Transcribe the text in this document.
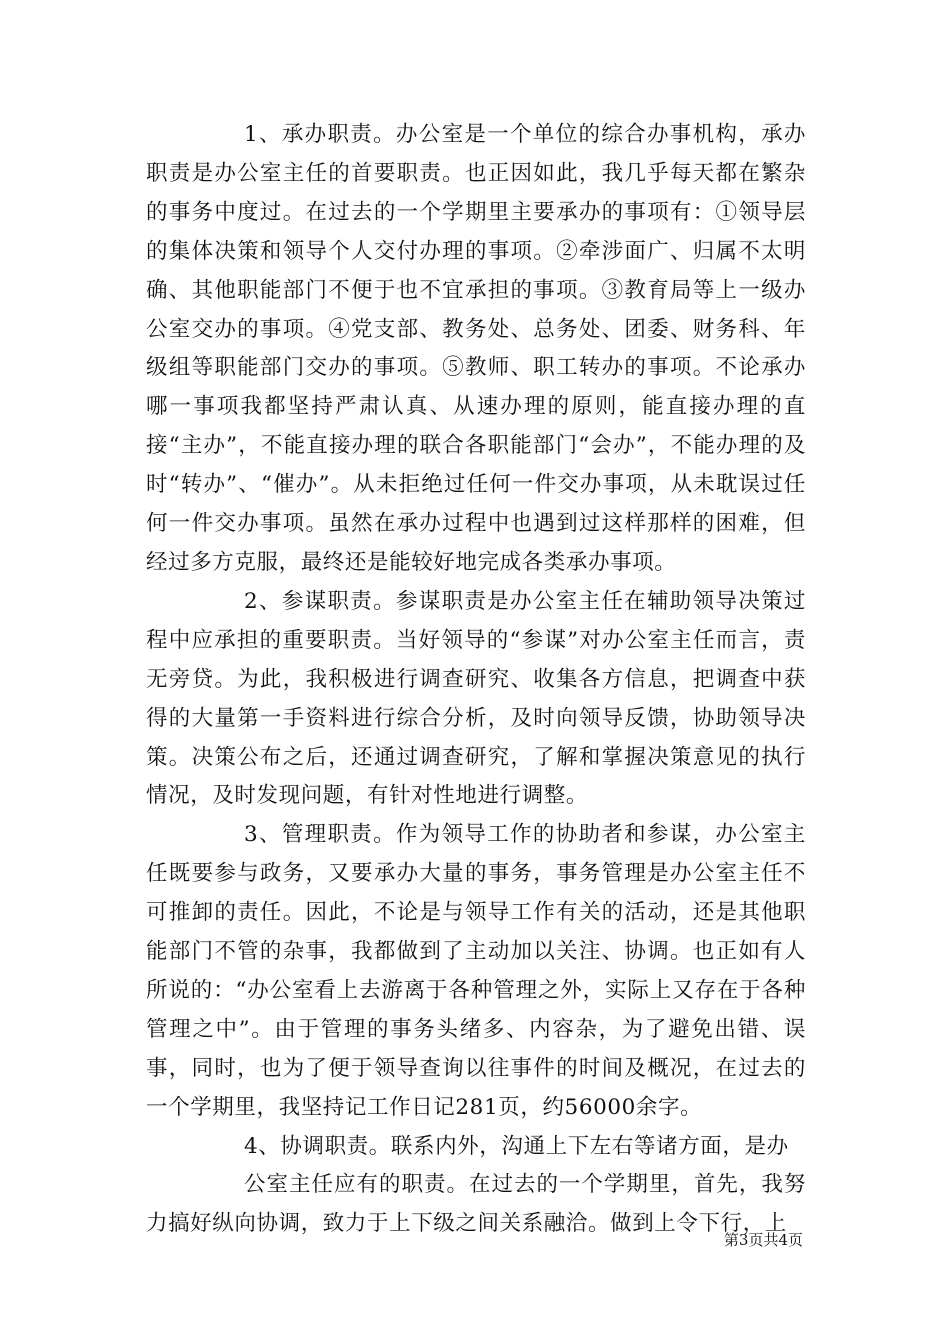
1、承办职责。办公室是一个单位的综合办事机构，承办职责是办公室主任的首要职责。也正因如此，我几乎每天都在繁杂的事务中度过。在过去的一个学期里主要承办的事项有：①领导层的集体决策和领导个人交付办理的事项。②牵涉面广、归属不太明确、其他职能部门不便于也不宜承担的事项。③教育局等上一级办公室交办的事项。④党支部、教务处、总务处、团委、财务科、年级组等职能部门交办的事项。⑤教师、职工转办的事项。不论承办哪一事项我都坚持严肃认真、从速办理的原则，能直接办理的直接“主办”，不能直接办理的联合各职能部门“会办”，不能办理的及时“转办”、“催办”。从未拒绝过任何一件交办事项，从未耽误过任何一件交办事项。虽然在承办过程中也遇到过这样那样的困难，但经过多方克服，最终还是能较好地完成各类承办事项。

2、参谋职责。参谋职责是办公室主任在辅助领导决策过程中应承担的重要职责。当好领导的“参谋”对办公室主任而言，责无旁贷。为此，我积极进行调查研究、收集各方信息，把调查中获得的大量第一手资料进行综合分析，及时向领导反馈，协助领导决策。决策公布之后，还通过调查研究，了解和掌握决策意见的执行情况，及时发现问题，有针对性地进行调整。

3、管理职责。作为领导工作的协助者和参谋，办公室主任既要参与政务，又要承办大量的事务，事务管理是办公室主任不可推卸的责任。因此，不论是与领导工作有关的活动，还是其他职能部门不管的杂事，我都做到了主动加以关注、协调。也正如有人所说的：“办公室看上去游离于各种管理之外，实际上又存在于各种管理之中”。由于管理的事务头绪多、内容杂，为了避免出错、误事，同时，也为了便于领导查询以往事件的时间及概况，在过去的一个学期里，我坚持记工作日记281页，约56000余字。

4、协调职责。联系内外，沟通上下左右等诸方面，是办

公室主任应有的职责。在过去的一个学期里，首先，我努力搞好纵向协调，致力于上下级之间关系融洽。做到上令下行，上

第3页共4页
